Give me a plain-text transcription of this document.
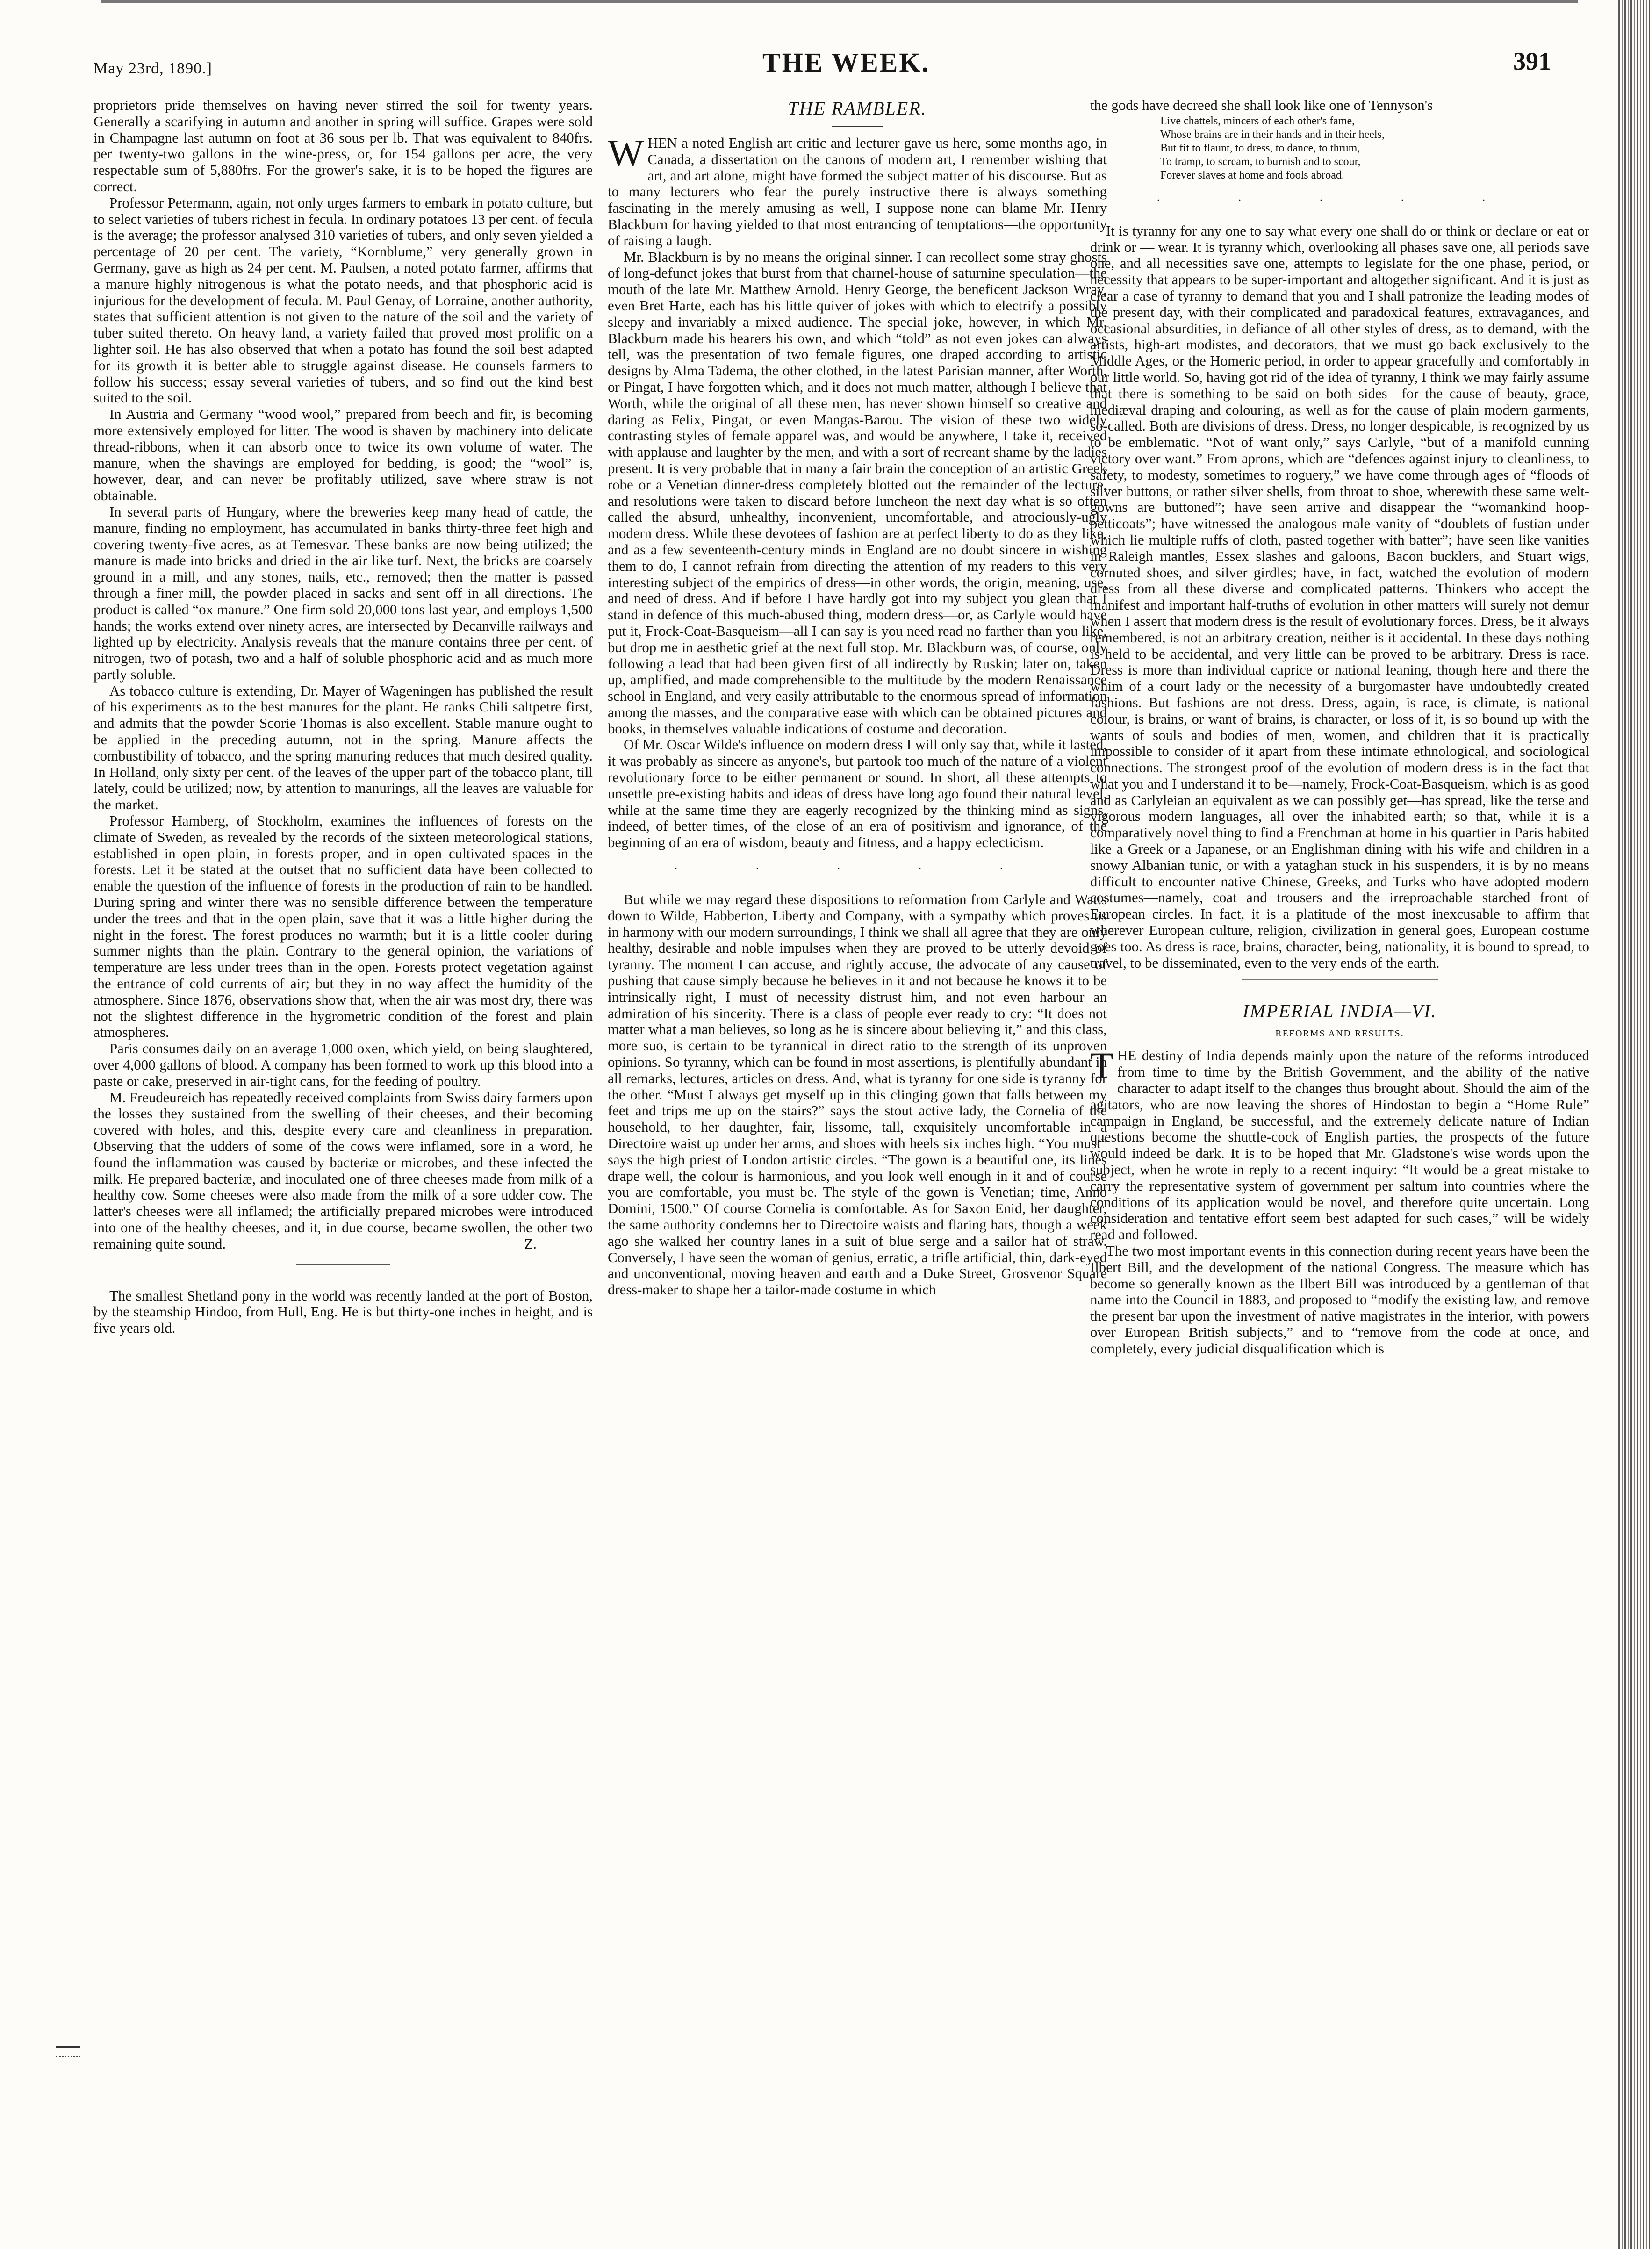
May 23rd, 1890.]	THE WEEK.	391

proprietors pride themselves on having never stirred the soil for twenty years. Generally a scarifying in autumn and another in spring will suffice. Grapes were sold in Champagne last autumn on foot at 36 sous per lb. That was equivalent to 840frs. per twenty-two gallons in the wine-press, or, for 154 gallons per acre, the very respectable sum of 5,880frs. For the grower's sake, it is to be hoped the figures are correct.

Professor Petermann, again, not only urges farmers to embark in potato culture, but to select varieties of tubers richest in fecula. In ordinary potatoes 13 per cent. of fecula is the average; the professor analysed 310 varieties of tubers, and only seven yielded a percentage of 20 per cent. The variety, “Kornblume,” very generally grown in Germany, gave as high as 24 per cent. M. Paulsen, a noted potato farmer, affirms that a manure highly nitrogenous is what the potato needs, and that phosphoric acid is injurious for the development of fecula. M. Paul Genay, of Lorraine, another authority, states that sufficient attention is not given to the nature of the soil and the variety of tuber suited thereto. On heavy land, a variety failed that proved most prolific on a lighter soil. He has also observed that when a potato has found the soil best adapted for its growth it is better able to struggle against disease. He counsels farmers to follow his success; essay several varieties of tubers, and so find out the kind best suited to the soil.

In Austria and Germany “wood wool,” prepared from beech and fir, is becoming more extensively employed for litter. The wood is shaven by machinery into delicate thread-ribbons, when it can absorb once to twice its own volume of water. The manure, when the shavings are employed for bedding, is good; the “wool” is, however, dear, and can never be profitably utilized, save where straw is not obtainable.

In several parts of Hungary, where the breweries keep many head of cattle, the manure, finding no employment, has accumulated in banks thirty-three feet high and covering twenty-five acres, as at Temesvar. These banks are now being utilized; the manure is made into bricks and dried in the air like turf. Next, the bricks are coarsely ground in a mill, and any stones, nails, etc., removed; then the matter is passed through a finer mill, the powder placed in sacks and sent off in all directions. The product is called “ox manure.” One firm sold 20,000 tons last year, and employs 1,500 hands; the works extend over ninety acres, are intersected by Decanville railways and lighted up by electricity. Analysis reveals that the manure contains three per cent. of nitrogen, two of potash, two and a half of soluble phosphoric acid and as much more partly soluble.

As tobacco culture is extending, Dr. Mayer of Wageningen has published the result of his experiments as to the best manures for the plant. He ranks Chili saltpetre first, and admits that the powder Scorie Thomas is also excellent. Stable manure ought to be applied in the preceding autumn, not in the spring. Manure affects the combustibility of tobacco, and the spring manuring reduces that much desired quality. In Holland, only sixty per cent. of the leaves of the upper part of the tobacco plant, till lately, could be utilized; now, by attention to manurings, all the leaves are valuable for the market.

Professor Hamberg, of Stockholm, examines the influences of forests on the climate of Sweden, as revealed by the records of the sixteen meteorological stations, established in open plain, in forests proper, and in open cultivated spaces in the forests. Let it be stated at the outset that no sufficient data have been collected to enable the question of the influence of forests in the production of rain to be handled. During spring and winter there was no sensible difference between the temperature under the trees and that in the open plain, save that it was a little higher during the night in the forest. The forest produces no warmth; but it is a little cooler during summer nights than the plain. Contrary to the general opinion, the variations of temperature are less under trees than in the open. Forests protect vegetation against the entrance of cold currents of air; but they in no way affect the humidity of the atmosphere. Since 1876, observations show that, when the air was most dry, there was not the slightest difference in the hygrometric condition of the forest and plain atmospheres.

Paris consumes daily on an average 1,000 oxen, which yield, on being slaughtered, over 4,000 gallons of blood. A company has been formed to work up this blood into a paste or cake, preserved in air-tight cans, for the feeding of poultry.

M. Freudeureich has repeatedly received complaints from Swiss dairy farmers upon the losses they sustained from the swelling of their cheeses, and their becoming covered with holes, and this, despite every care and cleanliness in preparation. Observing that the udders of some of the cows were inflamed, sore in a word, he found the inflammation was caused by bacteriæ or microbes, and these infected the milk. He prepared bacteriæ, and inoculated one of three cheeses made from milk of a healthy cow. Some cheeses were also made from the milk of a sore udder cow. The latter's cheeses were all inflamed; the artificially prepared microbes were introduced into one of the healthy cheeses, and it, in due course, became swollen, the other two remaining quite sound.	Z.

The smallest Shetland pony in the world was recently landed at the port of Boston, by the steamship Hindoo, from Hull, Eng. He is but thirty-one inches in height, and is five years old.

THE RAMBLER.

WHEN a noted English art critic and lecturer gave us here, some months ago, in Canada, a dissertation on the canons of modern art, I remember wishing that art, and art alone, might have formed the subject matter of his discourse. But as to many lecturers who fear the purely instructive there is always something fascinating in the merely amusing as well, I suppose none can blame Mr. Henry Blackburn for having yielded to that most entrancing of temptations—the opportunity of raising a laugh.

Mr. Blackburn is by no means the original sinner. I can recollect some stray ghosts of long-defunct jokes that burst from that charnel-house of saturnine speculation—the mouth of the late Mr. Matthew Arnold. Henry George, the beneficent Jackson Wray, even Bret Harte, each has his little quiver of jokes with which to electrify a possibly sleepy and invariably a mixed audience. The special joke, however, in which Mr. Blackburn made his hearers his own, and which “told” as not even jokes can always tell, was the presentation of two female figures, one draped according to artistic designs by Alma Tadema, the other clothed, in the latest Parisian manner, after Worth, or Pingat, I have forgotten which, and it does not much matter, although I believe that Worth, while the original of all these men, has never shown himself so creative and daring as Felix, Pingat, or even Mangas-Barou. The vision of these two widely contrasting styles of female apparel was, and would be anywhere, I take it, received with applause and laughter by the men, and with a sort of recreant shame by the ladies present. It is very probable that in many a fair brain the conception of an artistic Greek robe or a Venetian dinner-dress completely blotted out the remainder of the lecture, and resolutions were taken to discard before luncheon the next day what is so often called the absurd, unhealthy, inconvenient, uncomfortable, and atrociously-ugly modern dress. While these devotees of fashion are at perfect liberty to do as they like, and as a few seventeenth-century minds in England are no doubt sincere in wishing them to do, I cannot refrain from directing the attention of my readers to this very interesting subject of the empirics of dress—in other words, the origin, meaning, use, and need of dress. And if before I have hardly got into my subject you glean that I stand in defence of this much-abused thing, modern dress—or, as Carlyle would have put it, Frock-Coat-Basqueism—all I can say is you need read no farther than you like, but drop me in aesthetic grief at the next full stop. Mr. Blackburn was, of course, only following a lead that had been given first of all indirectly by Ruskin; later on, taken up, amplified, and made comprehensible to the multitude by the modern Renaissance school in England, and very easily attributable to the enormous spread of information among the masses, and the comparative ease with which can be obtained pictures and books, in themselves valuable indications of costume and decoration.

Of Mr. Oscar Wilde's influence on modern dress I will only say that, while it lasted, it was probably as sincere as anyone's, but partook too much of the nature of a violent revolutionary force to be either permanent or sound. In short, all these attempts to unsettle pre-existing habits and ideas of dress have long ago found their natural level, while at the same time they are eagerly recognized by the thinking mind as signs, indeed, of better times, of the close of an era of positivism and ignorance, of the beginning of an era of wisdom, beauty and fitness, and a happy eclecticism.

· · · · ·

But while we may regard these dispositions to reformation from Carlyle and Watts down to Wilde, Habberton, Liberty and Company, with a sympathy which proves us in harmony with our modern surroundings, I think we shall all agree that they are only healthy, desirable and noble impulses when they are proved to be utterly devoid of tyranny. The moment I can accuse, and rightly accuse, the advocate of any cause of pushing that cause simply because he believes in it and not because he knows it to be intrinsically right, I must of necessity distrust him, and not even harbour an admiration of his sincerity. There is a class of people ever ready to cry: “It does not matter what a man believes, so long as he is sincere about believing it,” and this class, more suo, is certain to be tyrannical in direct ratio to the strength of its unproven opinions. So tyranny, which can be found in most assertions, is plentifully abundant in all remarks, lectures, articles on dress. And, what is tyranny for one side is tyranny for the other. “Must I always get myself up in this clinging gown that falls between my feet and trips me up on the stairs?” says the stout active lady, the Cornelia of the household, to her daughter, fair, lissome, tall, exquisitely uncomfortable in a Directoire waist up under her arms, and shoes with heels six inches high. “You must” says the high priest of London artistic circles. “The gown is a beautiful one, its lines drape well, the colour is harmonious, and you look well enough in it and of course you are comfortable, you must be. The style of the gown is Venetian; time, Anno Domini, 1500.” Of course Cornelia is comfortable. As for Saxon Enid, her daughter, the same authority condemns her to Directoire waists and flaring hats, though a week ago she walked her country lanes in a suit of blue serge and a sailor hat of straw. Conversely, I have seen the woman of genius, erratic, a trifle artificial, thin, dark-eyed and unconventional, moving heaven and earth and a Duke Street, Grosvenor Square dress-maker to shape her a tailor-made costume in which

the gods have decreed she shall look like one of Tennyson's

Live chattels, mincers of each other's fame,
Whose brains are in their hands and in their heels,
But fit to flaunt, to dress, to dance, to thrum,
To tramp, to scream, to burnish and to scour,
Forever slaves at home and fools abroad.
· · · · ·

It is tyranny for any one to say what every one shall do or think or declare or eat or drink or — wear. It is tyranny which, overlooking all phases save one, all periods save one, and all necessities save one, attempts to legislate for the one phase, period, or necessity that appears to be super-important and altogether significant. And it is just as clear a case of tyranny to demand that you and I shall patronize the leading modes of the present day, with their complicated and paradoxical features, extravagances, and occasional absurdities, in defiance of all other styles of dress, as to demand, with the artists, high-art modistes, and decorators, that we must go back exclusively to the Middle Ages, or the Homeric period, in order to appear gracefully and comfortably in our little world. So, having got rid of the idea of tyranny, I think we may fairly assume that there is something to be said on both sides—for the cause of beauty, grace, mediæval draping and colouring, as well as for the cause of plain modern garments, so-called. Both are divisions of dress. Dress, no longer despicable, is recognized by us to be emblematic. “Not of want only,” says Carlyle, “but of a manifold cunning victory over want.” From aprons, which are “defences against injury to cleanliness, to safety, to modesty, sometimes to roguery,” we have come through ages of “floods of silver buttons, or rather silver shells, from throat to shoe, wherewith these same welt-gowns are buttoned”; have seen arrive and disappear the “womankind hoop-petticoats”; have witnessed the analogous male vanity of “doublets of fustian under which lie multiple ruffs of cloth, pasted together with batter”; have seen like vanities in Raleigh mantles, Essex slashes and galoons, Bacon bucklers, and Stuart wigs, cornuted shoes, and silver girdles; have, in fact, watched the evolution of modern dress from all these diverse and complicated patterns. Thinkers who accept the manifest and important half-truths of evolution in other matters will surely not demur when I assert that modern dress is the result of evolutionary forces. Dress, be it always remembered, is not an arbitrary creation, neither is it accidental. In these days nothing is held to be accidental, and very little can be proved to be arbitrary. Dress is race. Dress is more than individual caprice or national leaning, though here and there the whim of a court lady or the necessity of a burgomaster have undoubtedly created fashions. But fashions are not dress. Dress, again, is race, is climate, is national colour, is brains, or want of brains, is character, or loss of it, is so bound up with the wants of souls and bodies of men, women, and children that it is practically impossible to consider of it apart from these intimate ethnological, and sociological connections. The strongest proof of the evolution of modern dress is in the fact that what you and I understand it to be—namely, Frock-Coat-Basqueism, which is as good and as Carlyleian an equivalent as we can possibly get—has spread, like the terse and vigorous modern languages, all over the inhabited earth; so that, while it is a comparatively novel thing to find a Frenchman at home in his quartier in Paris habited like a Greek or a Japanese, or an Englishman dining with his wife and children in a snowy Albanian tunic, or with a yataghan stuck in his suspenders, it is by no means difficult to encounter native Chinese, Greeks, and Turks who have adopted modern costumes—namely, coat and trousers and the irreproachable starched front of European circles. In fact, it is a platitude of the most inexcusable to affirm that wherever European culture, religion, civilization in general goes, European costume goes too. As dress is race, brains, character, being, nationality, it is bound to spread, to travel, to be disseminated, even to the very ends of the earth.

IMPERIAL INDIA—VI.
REFORMS AND RESULTS.

THE destiny of India depends mainly upon the nature of the reforms introduced from time to time by the British Government, and the ability of the native character to adapt itself to the changes thus brought about. Should the aim of the agitators, who are now leaving the shores of Hindostan to begin a “Home Rule” campaign in England, be successful, and the extremely delicate nature of Indian questions become the shuttle-cock of English parties, the prospects of the future would indeed be dark. It is to be hoped that Mr. Gladstone's wise words upon the subject, when he wrote in reply to a recent inquiry: “It would be a great mistake to carry the representative system of government per saltum into countries where the conditions of its application would be novel, and therefore quite uncertain. Long consideration and tentative effort seem best adapted for such cases,” will be widely read and followed.

The two most important events in this connection during recent years have been the Ilbert Bill, and the development of the national Congress. The measure which has become so generally known as the Ilbert Bill was introduced by a gentleman of that name into the Council in 1883, and proposed to “modify the existing law, and remove the present bar upon the investment of native magistrates in the interior, with powers over European British subjects,” and to “remove from the code at once, and completely, every judicial disqualification which is
